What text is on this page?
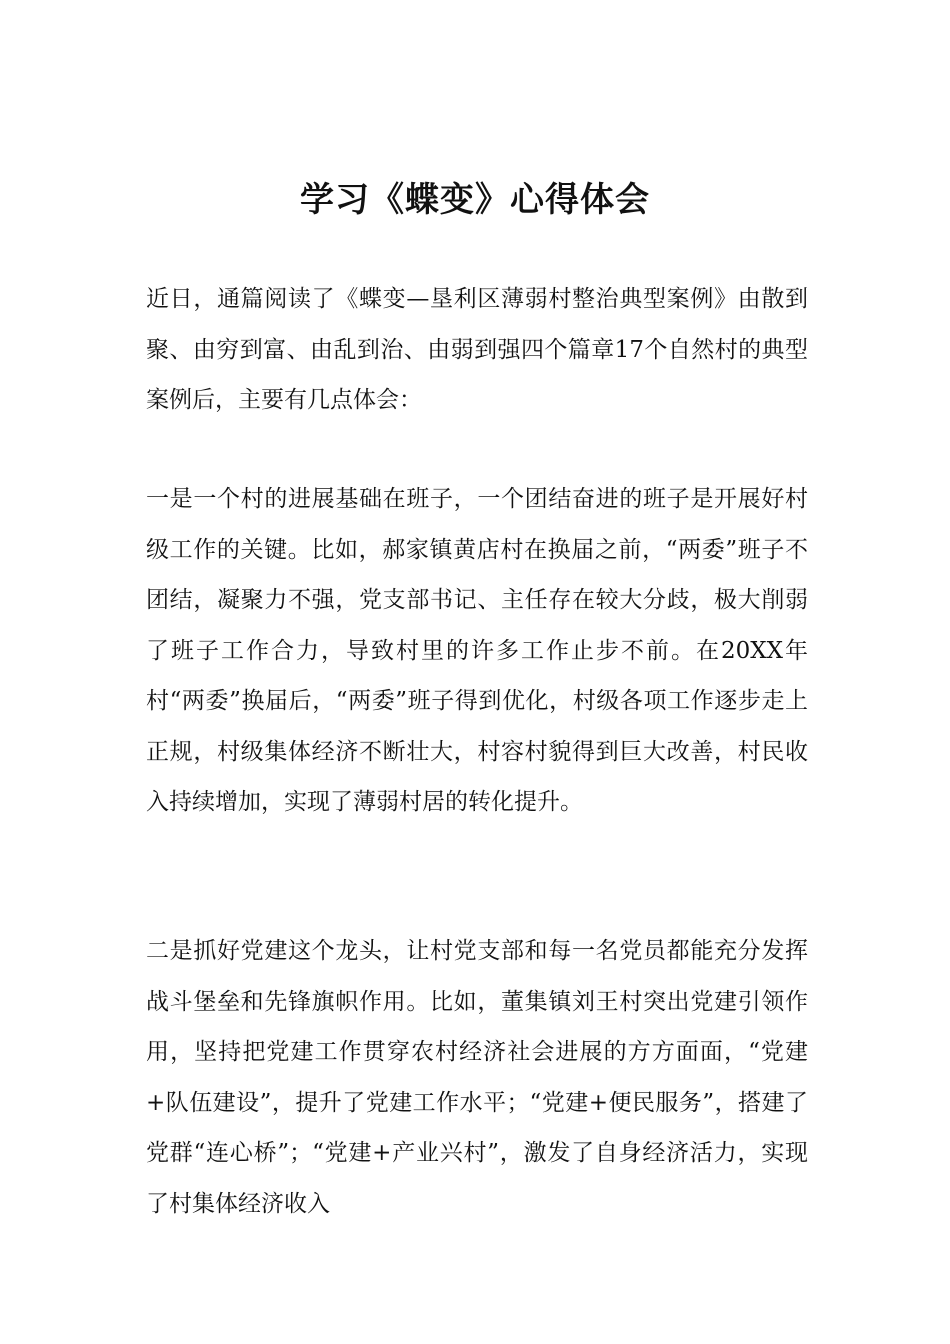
学习《蝶变》心得体会

近日，通篇阅读了《蝶变—垦利区薄弱村整治典型案例》由散到聚、由穷到富、由乱到治、由弱到强四个篇章17个自然村的典型案例后，主要有几点体会：

一是一个村的进展基础在班子，一个团结奋进的班子是开展好村级工作的关键。比如，郝家镇黄店村在换届之前，“两委”班子不团结，凝聚力不强，党支部书记、主任存在较大分歧，极大削弱了班子工作合力，导致村里的许多工作止步不前。在20XX年村“两委”换届后，“两委”班子得到优化，村级各项工作逐步走上正规，村级集体经济不断壮大，村容村貌得到巨大改善，村民收入持续增加，实现了薄弱村居的转化提升。

二是抓好党建这个龙头，让村党支部和每一名党员都能充分发挥战斗堡垒和先锋旗帜作用。比如，董集镇刘王村突出党建引领作用，坚持把党建工作贯穿农村经济社会进展的方方面面，“党建+队伍建设”，提升了党建工作水平；“党建+便民服务”，搭建了党群“连心桥”；“党建+产业兴村”，激发了自身经济活力，实现了村集体经济收入
